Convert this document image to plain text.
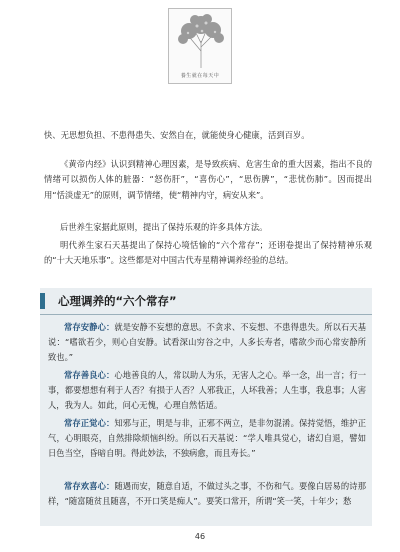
養生就在每天中

快、无思想负担、不患得患失、安然自在，就能使身心健康，活到百岁。

《黄帝内经》认识到精神心理因素，是导致疾病、危害生命的重大因素，指出不良的情绪可以损伤人体的脏器：“怒伤肝”，“喜伤心”，“思伤脾”，“悲忧伤肺”。因而提出用“恬淡虚无”的原则，调节情绪，使“精神内守，病安从来”。

后世养生家据此原则，提出了保持乐观的许多具体方法。

明代养生家石天基提出了保持心境恬愉的“六个常存”；还诩卷提出了保持精神乐观的“十大天地乐事”。这些都是对中国古代寿星精神调养经验的总结。

心理调养的“六个常存”

常存安静心：就是安静不妄想的意思。不贪求、不妄想、不患得患失。所以石天基说：“嗜欲若少，则心自安静。试看深山穷谷之中，人多长寿者，嗜欲少而心常安静所致也。”

常存善良心：心地善良的人，常以助人为乐，无害人之心。举一念，出一言；行一事，都要想想有利于人否？有损于人否？人邪我正，人坏我善；人生事，我息事；人害人，我为人。如此，问心无愧，心理自然恬适。

常存正觉心：知邪与正，明是与非，正邪不两立，是非勿混淆。保持觉悟，维护正气，心明眼亮，自然排除烦恼纠纷。所以石天基说：“学人唯具觉心，诸幻自退，譬如日色当空，昏暗自明。得此妙法，不独病愈，而且寿长。”

常存欢喜心：随遇而安，随意自适，不做过头之事，不伤和气。要像白居易的诗那样，“随富随贫且随喜，不开口笑是痴人”。要笑口常开，所谓“笑一笑，十年少；愁

46
